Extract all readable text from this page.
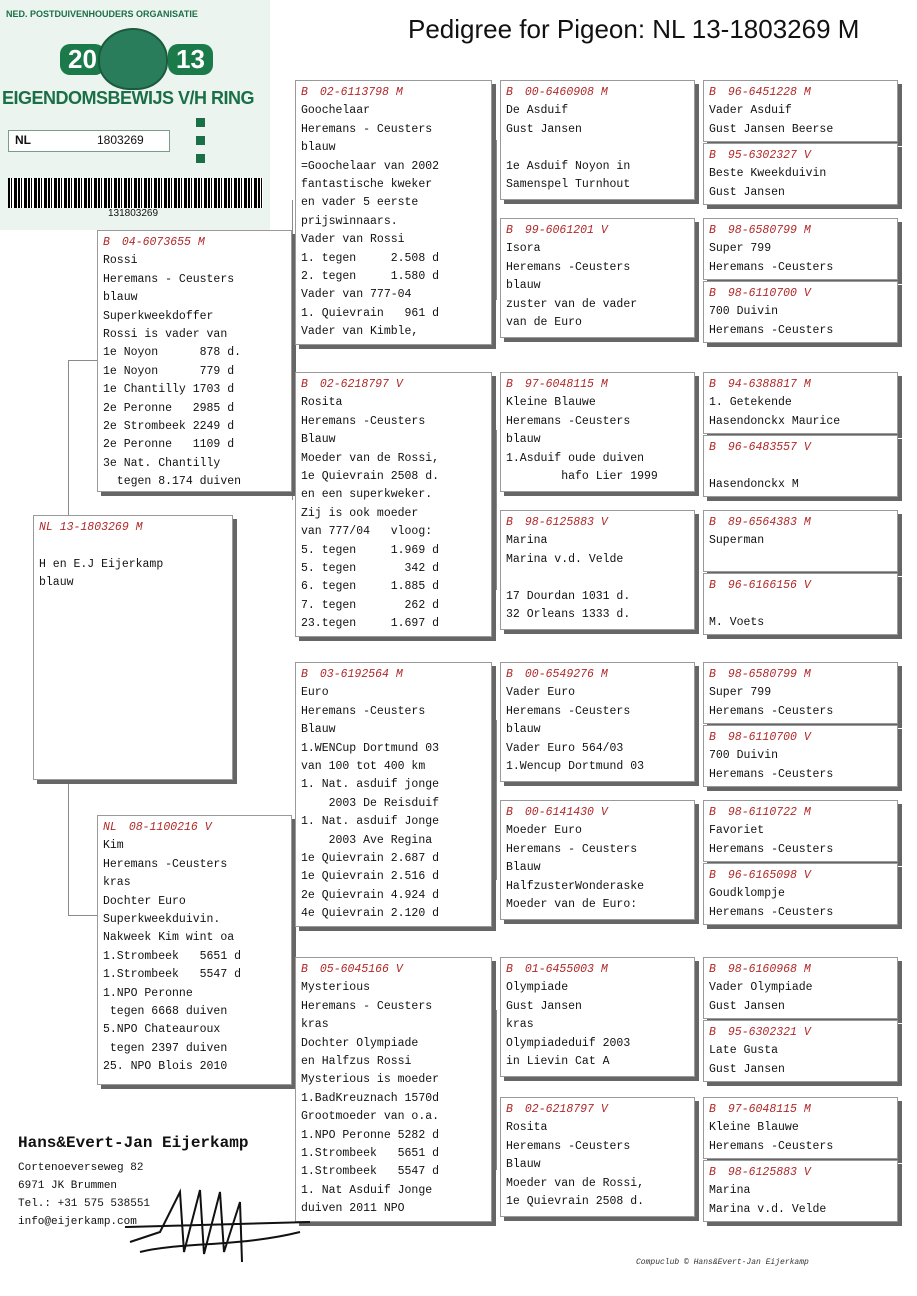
Pedigree for Pigeon: NL 13-1803269 M
NED. POSTDUIVENHOUDERS ORGANISATIE
20	13
EIGENDOMSBEWIJS V/H RING
NL	1803269
131803269
NL 13-1803269 M

H en E.J Eijerkamp
blauw
B 04-6073655 M
Rossi
Heremans - Ceusters
blauw
Superkweekdoffer
Rossi is vader van
1e Noyon      878 d.
1e Noyon      779 d
1e Chantilly 1703 d
2e Peronne   2985 d
2e Strombeek 2249 d
2e Peronne   1109 d
3e Nat. Chantilly
tegen 8.174 duiven
NL 08-1100216 V
Kim
Heremans -Ceusters
kras
Dochter Euro
Superkweekduivin.
Nakweek Kim wint oa
1.Strombeek   5651 d
1.Strombeek   5547 d
1.NPO Peronne
tegen 6668 duiven
5.NPO Chateauroux
tegen 2397 duiven
25. NPO Blois 2010
B 02-6113798 M
Goochelaar
Heremans - Ceusters
blauw
=Goochelaar van 2002
fantastische kweker
en vader 5 eerste
prijswinnaars.
Vader van Rossi
1. tegen     2.508 d
2. tegen     1.580 d
Vader van 777-04
1. Quievrain   961 d
Vader van Kimble,
B 02-6218797 V
Rosita
Heremans -Ceusters
Blauw
Moeder van de Rossi,
1e Quievrain 2508 d.
en een superkweker.
Zij is ook moeder
van 777/04   vloog:
5. tegen     1.969 d
5. tegen       342 d
6. tegen     1.885 d
7. tegen       262 d
23.tegen     1.697 d
B 03-6192564 M
Euro
Heremans -Ceusters
Blauw
1.WENCup Dortmund 03
van 100 tot 400 km
1. Nat. asduif jonge
2003 De Reisduif
1. Nat. asduif Jonge
2003 Ave Regina
1e Quievrain 2.687 d
1e Quievrain 2.516 d
2e Quievrain 4.924 d
4e Quievrain 2.120 d
B 05-6045166 V
Mysterious
Heremans - Ceusters
kras
Dochter Olympiade
en Halfzus Rossi
Mysterious is moeder
1.BadKreuznach 1570d
Grootmoeder van o.a.
1.NPO Peronne 5282 d
1.Strombeek   5651 d
1.Strombeek   5547 d
1. Nat Asduif Jonge
duiven 2011 NPO
B 00-6460908 M
De Asduif
Gust Jansen

1e Asduif Noyon in
Samenspel Turnhout
B 99-6061201 V
Isora
Heremans -Ceusters
blauw
zuster van de vader
van de Euro
B 97-6048115 M
Kleine Blauwe
Heremans -Ceusters
blauw
1.Asduif oude duiven
hafo Lier 1999
B 98-6125883 V
Marina
Marina v.d. Velde

17 Dourdan 1031 d.
32 Orleans 1333 d.
B 00-6549276 M
Vader Euro
Heremans -Ceusters
blauw
Vader Euro 564/03
1.Wencup Dortmund 03
B 00-6141430 V
Moeder Euro
Heremans - Ceusters
Blauw
HalfzusterWonderaske
Moeder van de Euro:
B 01-6455003 M
Olympiade
Gust Jansen
kras
Olympiadeduif 2003
in Lievin Cat A
B 02-6218797 V
Rosita
Heremans -Ceusters
Blauw
Moeder van de Rossi,
1e Quievrain 2508 d.
B 96-6451228 M
Vader Asduif
Gust Jansen Beerse
B 95-6302327 V
Beste Kweekduivin
Gust Jansen
B 98-6580799 M
Super 799
Heremans -Ceusters
B 98-6110700 V
700 Duivin
Heremans -Ceusters
B 94-6388817 M
1. Getekende
Hasendonckx Maurice
B 96-6483557 V

Hasendonckx M
B 89-6564383 M
Superman

B 96-6166156 V

M. Voets
B 98-6580799 M
Super 799
Heremans -Ceusters
B 98-6110700 V
700 Duivin
Heremans -Ceusters
B 98-6110722 M
Favoriet
Heremans -Ceusters
B 96-6165098 V
Goudklompje
Heremans -Ceusters
B 98-6160968 M
Vader Olympiade
Gust Jansen
B 95-6302321 V
Late Gusta
Gust Jansen
B 97-6048115 M
Kleine Blauwe
Heremans -Ceusters
B 98-6125883 V
Marina
Marina v.d. Velde
Hans&Evert-Jan Eijerkamp
Cortenoeverseweg 82
6971 JK Brummen
Tel.: +31 575 538551
info@eijerkamp.com
Compuclub © Hans&Evert-Jan Eijerkamp
